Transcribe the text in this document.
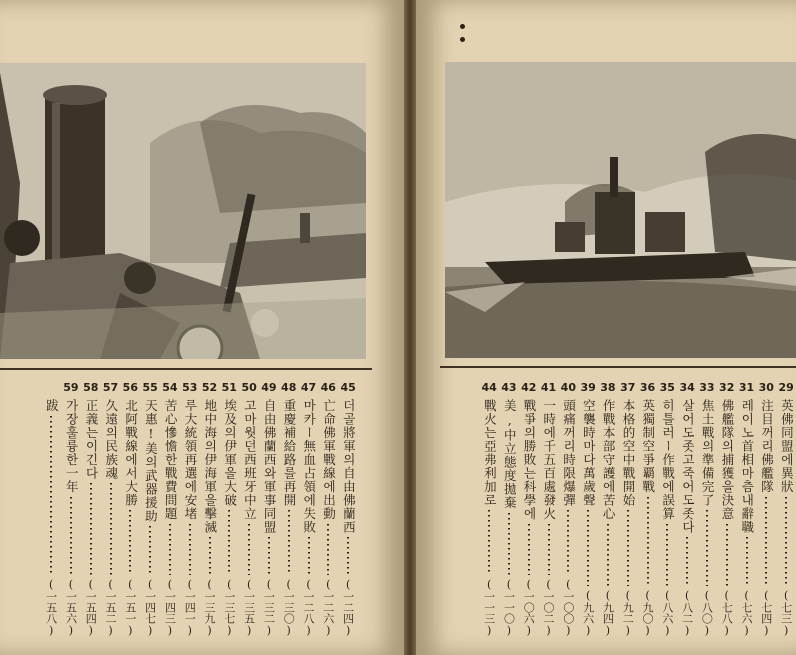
45
더골將軍의自由佛蘭西
(一二四)
46
亡命佛軍戰線에出動
(一二六)
47
마카ー無血占領에失敗
(一二八)
48
重慶補給路를再開
(一三〇)
49
自由佛蘭西와軍事同盟
(一三二)
50
고마웟던西班牙中立
(一三五)
51
埃及의伊軍을大破
(一三七)
52
地中海의伊海軍을擊滅
(一三九)
53
루大統領再選에安堵
(一四一)
54
苦心慘憺한戰費問題
(一四三)
55
天惠!美의武器援助
(一四七)
56
北阿戰線에서大勝
(一五一)
57
久遠의民族魂
(一五二)
58
正義는이긴다
(一五四)
59
가장훌륭한一年
(一五六)
跋
(一五八)
29
英佛同盟에異狀
(七三)
30
注目꺼리佛艦隊
(七四)
31
레이노首相마츰내辭職
(七六)
32
佛艦隊의捕獲을決意
(七八)
33
焦土戰의準備完了
(八〇)
34
살어도좃고죽어도좃다
(八二)
35
히틀러ー作戰에誤算
(八六)
36
英獨制空爭覇戰
(九〇)
37
本格的空中戰開始
(九二)
38
作戰本部守護에苦心
(九四)
39
空襲時마다萬歲聲
(九六)
40
頭痛꺼리時限爆彈
(一〇〇)
41
一時에千五百處發火
(一〇二)
42
戰爭의勝敗는科學에
(一〇六)
43
美,中立態度拋棄
(一一〇)
44
戰火는亞弗利加로
(一一三)
